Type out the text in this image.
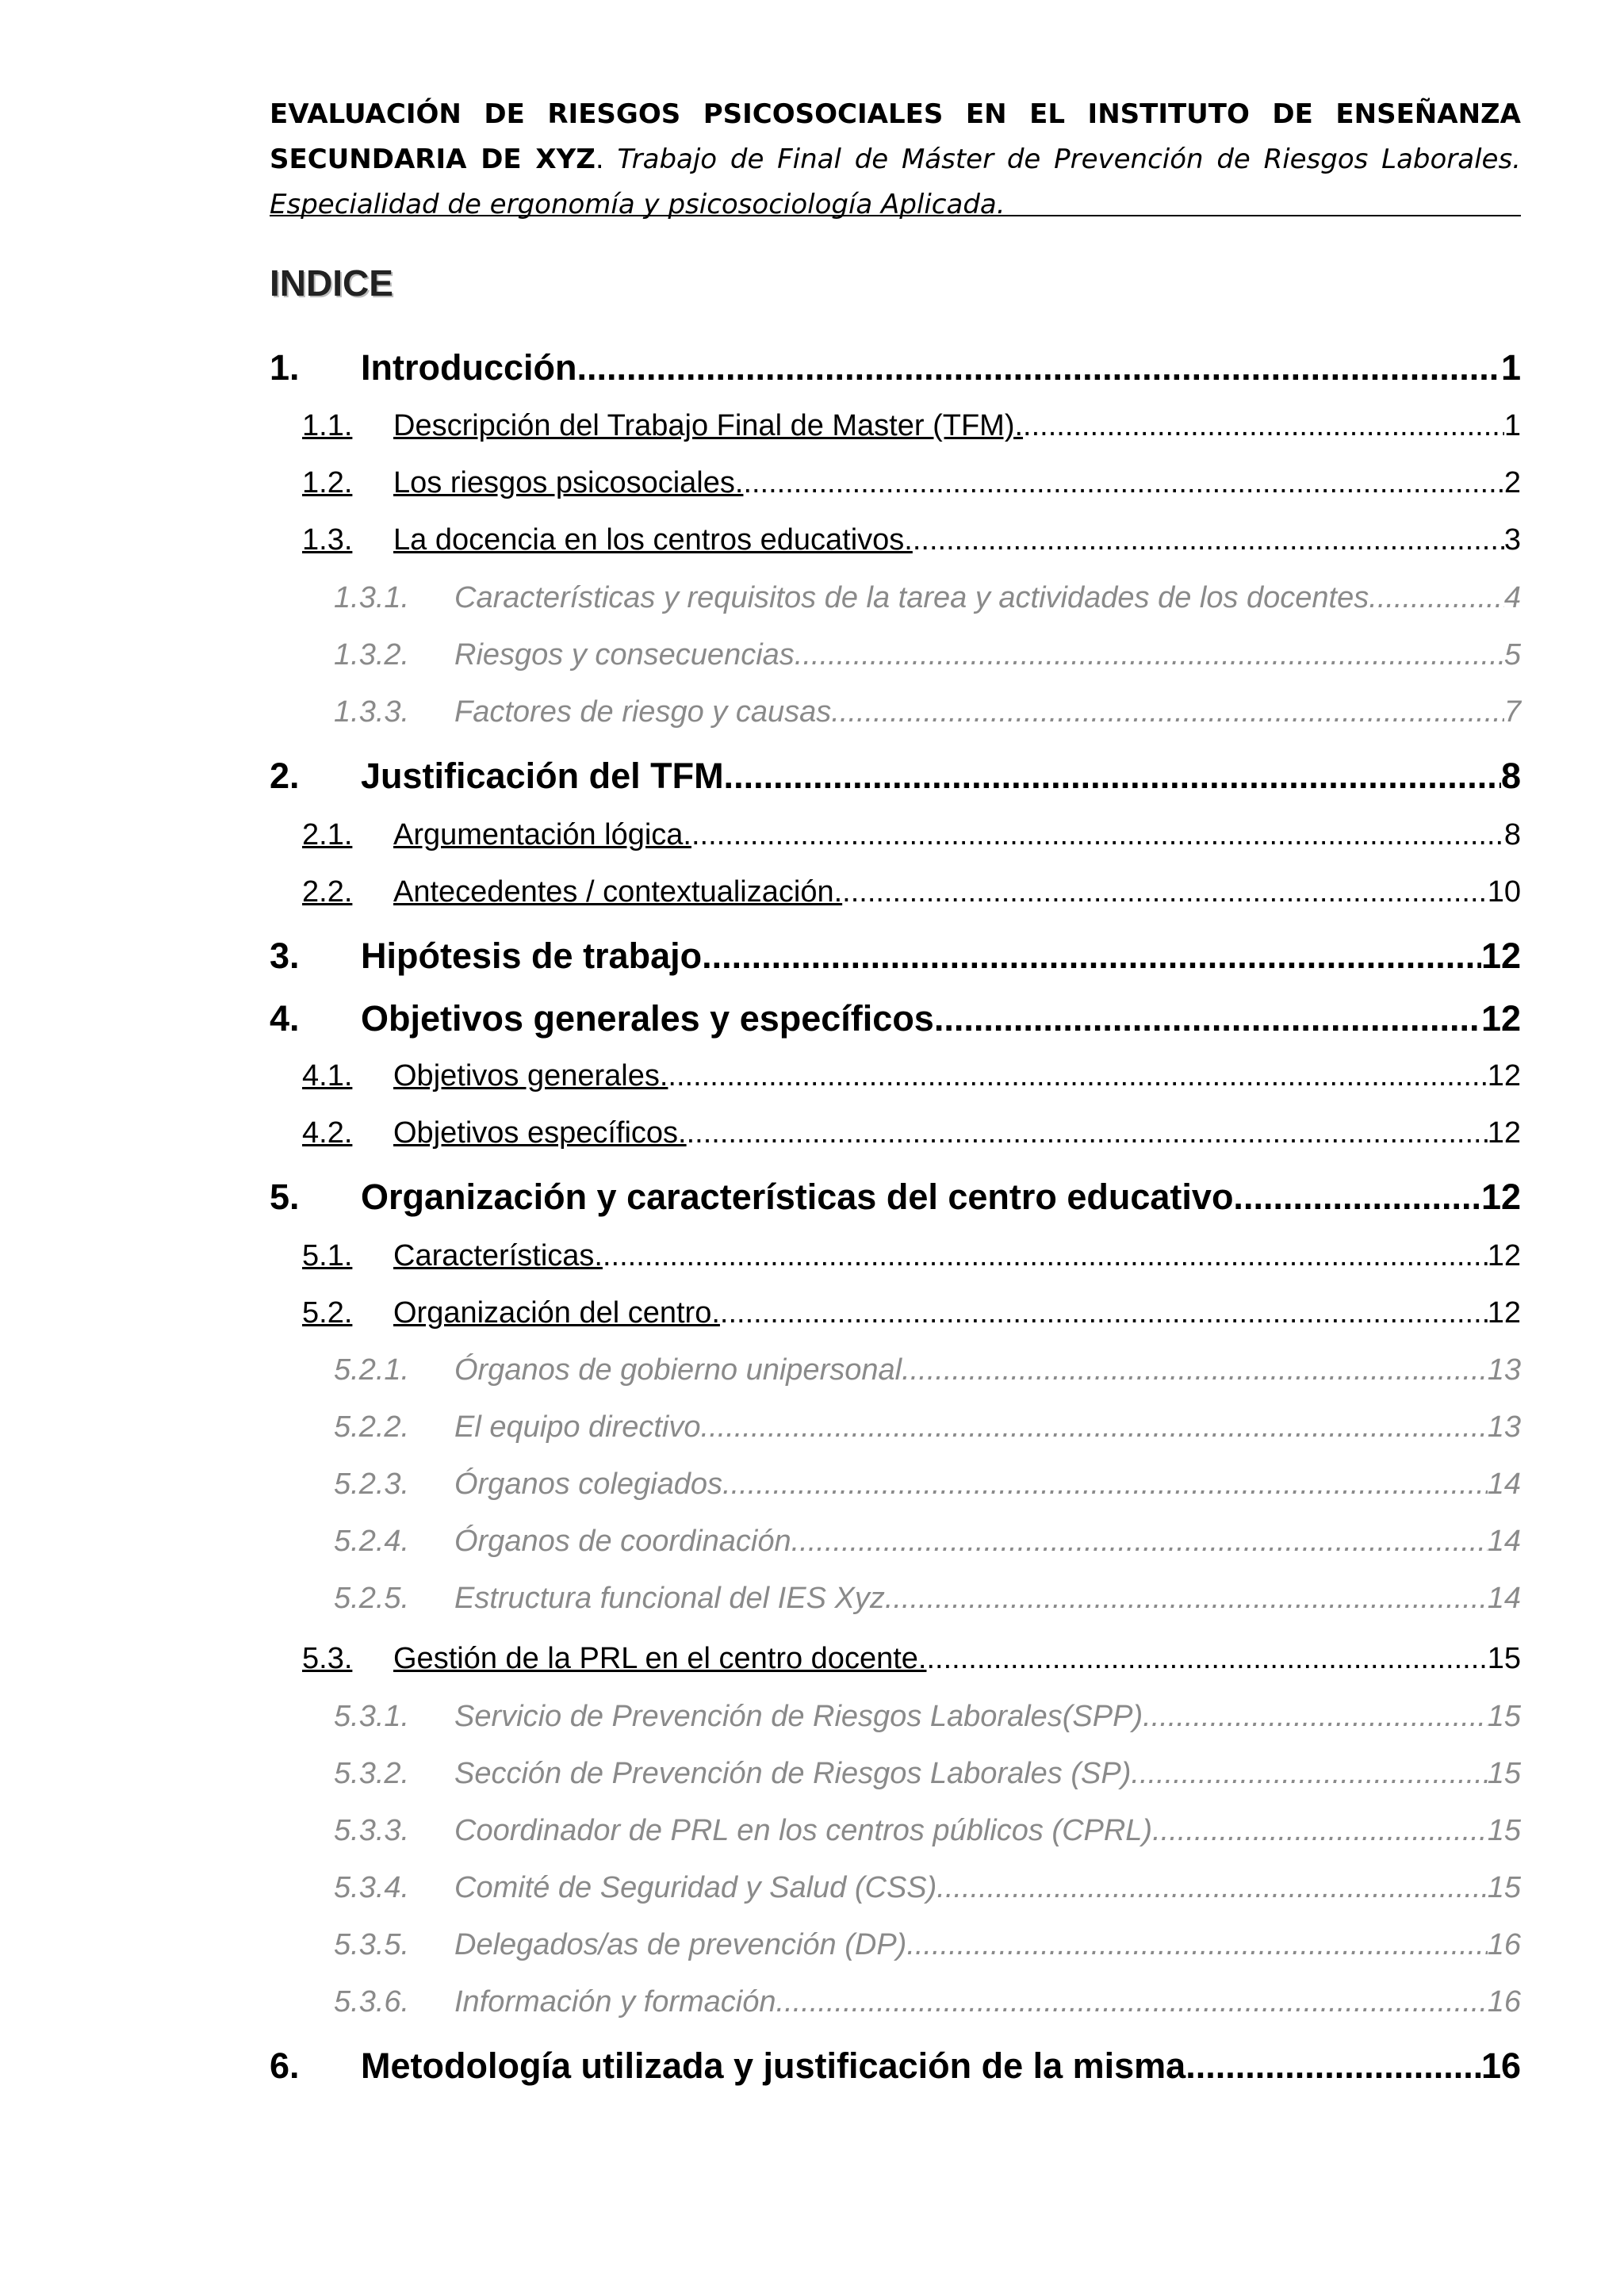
EVALUACIÓN DE RIESGOS PSICOSOCIALES EN EL INSTITUTO DE ENSEÑANZA SECUNDARIA DE XYZ. Trabajo de Final de Máster de Prevención de Riesgos Laborales. Especialidad de ergonomía y psicosociología Aplicada.
INDICE
1.	Introducción. .....	1
1.1.	Descripción del Trabajo Final de Master (TFM). .....	1
1.2.	Los riesgos psicosociales. .....	2
1.3.	La docencia en los centros educativos. .....	3
1.3.1.	Características y requisitos de la tarea y actividades de los docentes. .....	4
1.3.2.	Riesgos y consecuencias. .....	5
1.3.3.	Factores de riesgo y causas. .....	7
2.	Justificación del TFM. .....	8
2.1.	Argumentación lógica. .....	8
2.2.	Antecedentes / contextualización. .....	10
3.	Hipótesis de trabajo. .....	12
4.	Objetivos generales y específicos. .....	12
4.1.	Objetivos generales. .....	12
4.2.	Objetivos específicos. .....	12
5.	Organización y características del centro educativo. .....	12
5.1.	Características. .....	12
5.2.	Organización del centro. .....	12
5.2.1.	Órganos de gobierno unipersonal. .....	13
5.2.2.	El equipo directivo. .....	13
5.2.3.	Órganos colegiados. .....	14
5.2.4.	Órganos de coordinación. .....	14
5.2.5.	Estructura funcional del IES Xyz. .....	14
5.3.	Gestión de la PRL en el centro docente. .....	15
5.3.1.	Servicio de Prevención de Riesgos Laborales(SPP). .....	15
5.3.2.	Sección de Prevención de Riesgos Laborales (SP). .....	15
5.3.3.	Coordinador de PRL en los centros públicos (CPRL). .....	15
5.3.4.	Comité de Seguridad y Salud (CSS). .....	15
5.3.5.	Delegados/as de prevención (DP). .....	16
5.3.6.	Información y formación. .....	16
6.	Metodología utilizada y justificación de la misma. .....	16
